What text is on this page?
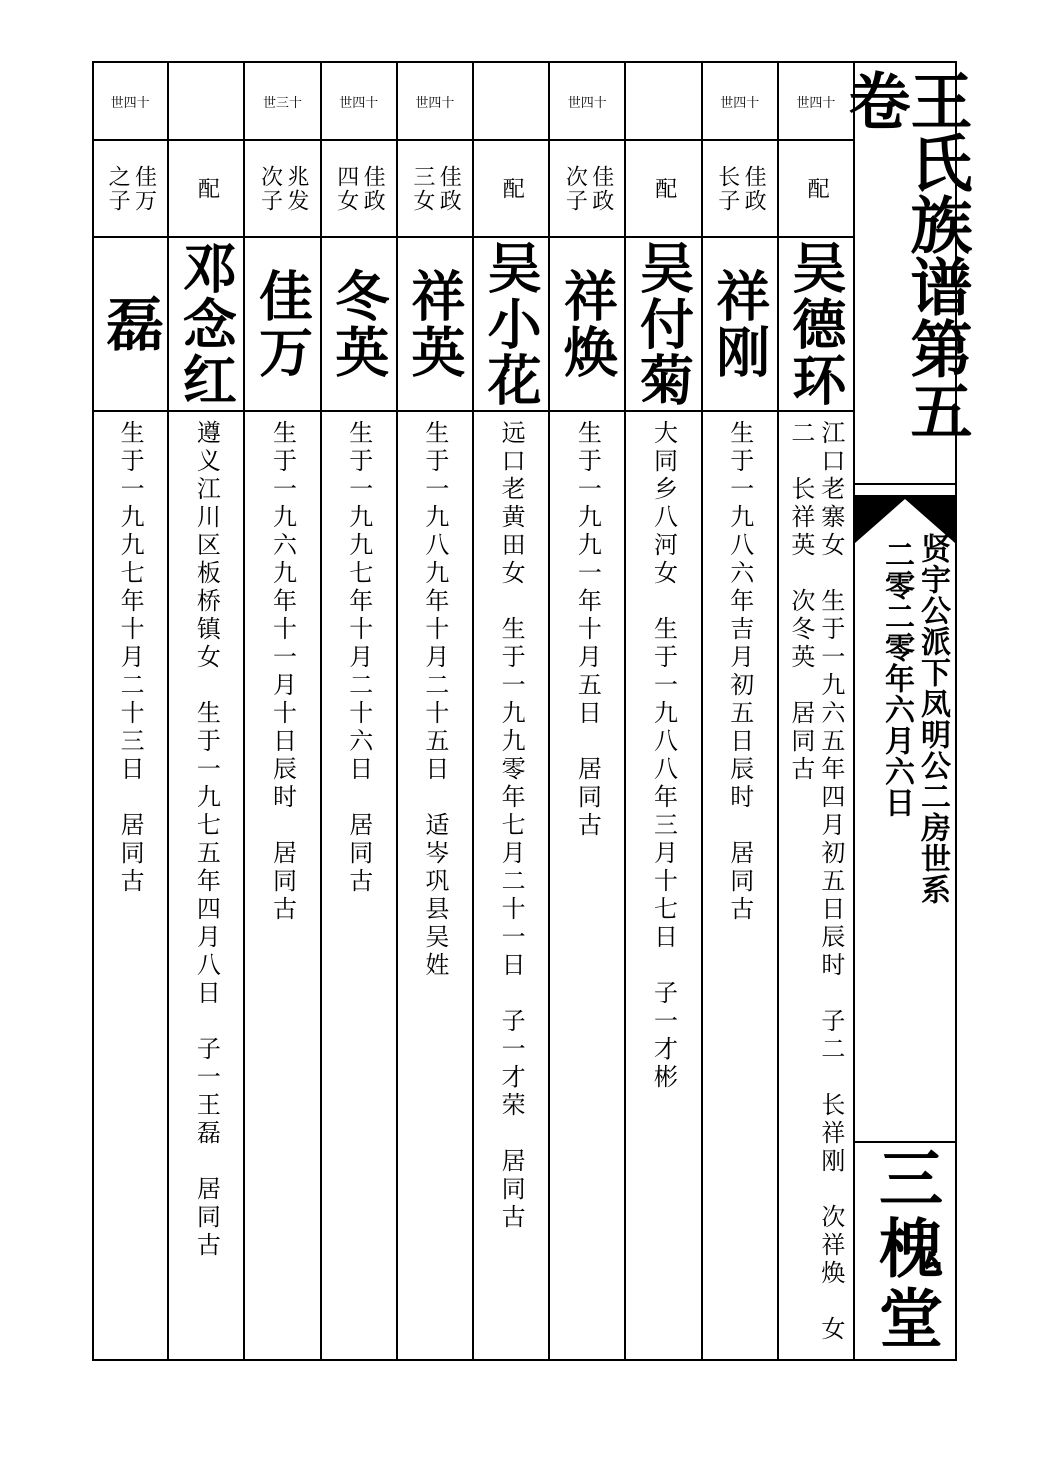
王氏族谱第五卷
贤宇公派下凤明公二房世系
二零二零年六月六日
三槐堂
世四十
配
吴德环
江口老寨女　生于一九六五年四月初五日辰时　子二　长祥刚　次祥焕　女二　长祥英　次冬英　居同古
世四十
佳政
长子
祥刚
生于一九八六年吉月初五日辰时　居同古
配
吴付菊
大同乡八河女　生于一九八八年三月十七日　子一才彬
世四十
佳政
次子
祥焕
生于一九九一年十月五日　居同古
配
吴小花
远口老黄田女　生于一九九零年七月二十一日　子一才荣　居同古
世四十
佳政
三女
祥英
生于一九八九年十月二十五日　适岑巩县吴姓
世四十
佳政
四女
冬英
生于一九九七年十月二十六日　居同古
世三十
兆发
次子
佳万
生于一九六九年十一月十日辰时　居同古
配
邓念红
遵义江川区板桥镇女　生于一九七五年四月八日　子一王磊　居同古
世四十
佳万
之子
磊
生于一九九七年十月二十三日　居同古
